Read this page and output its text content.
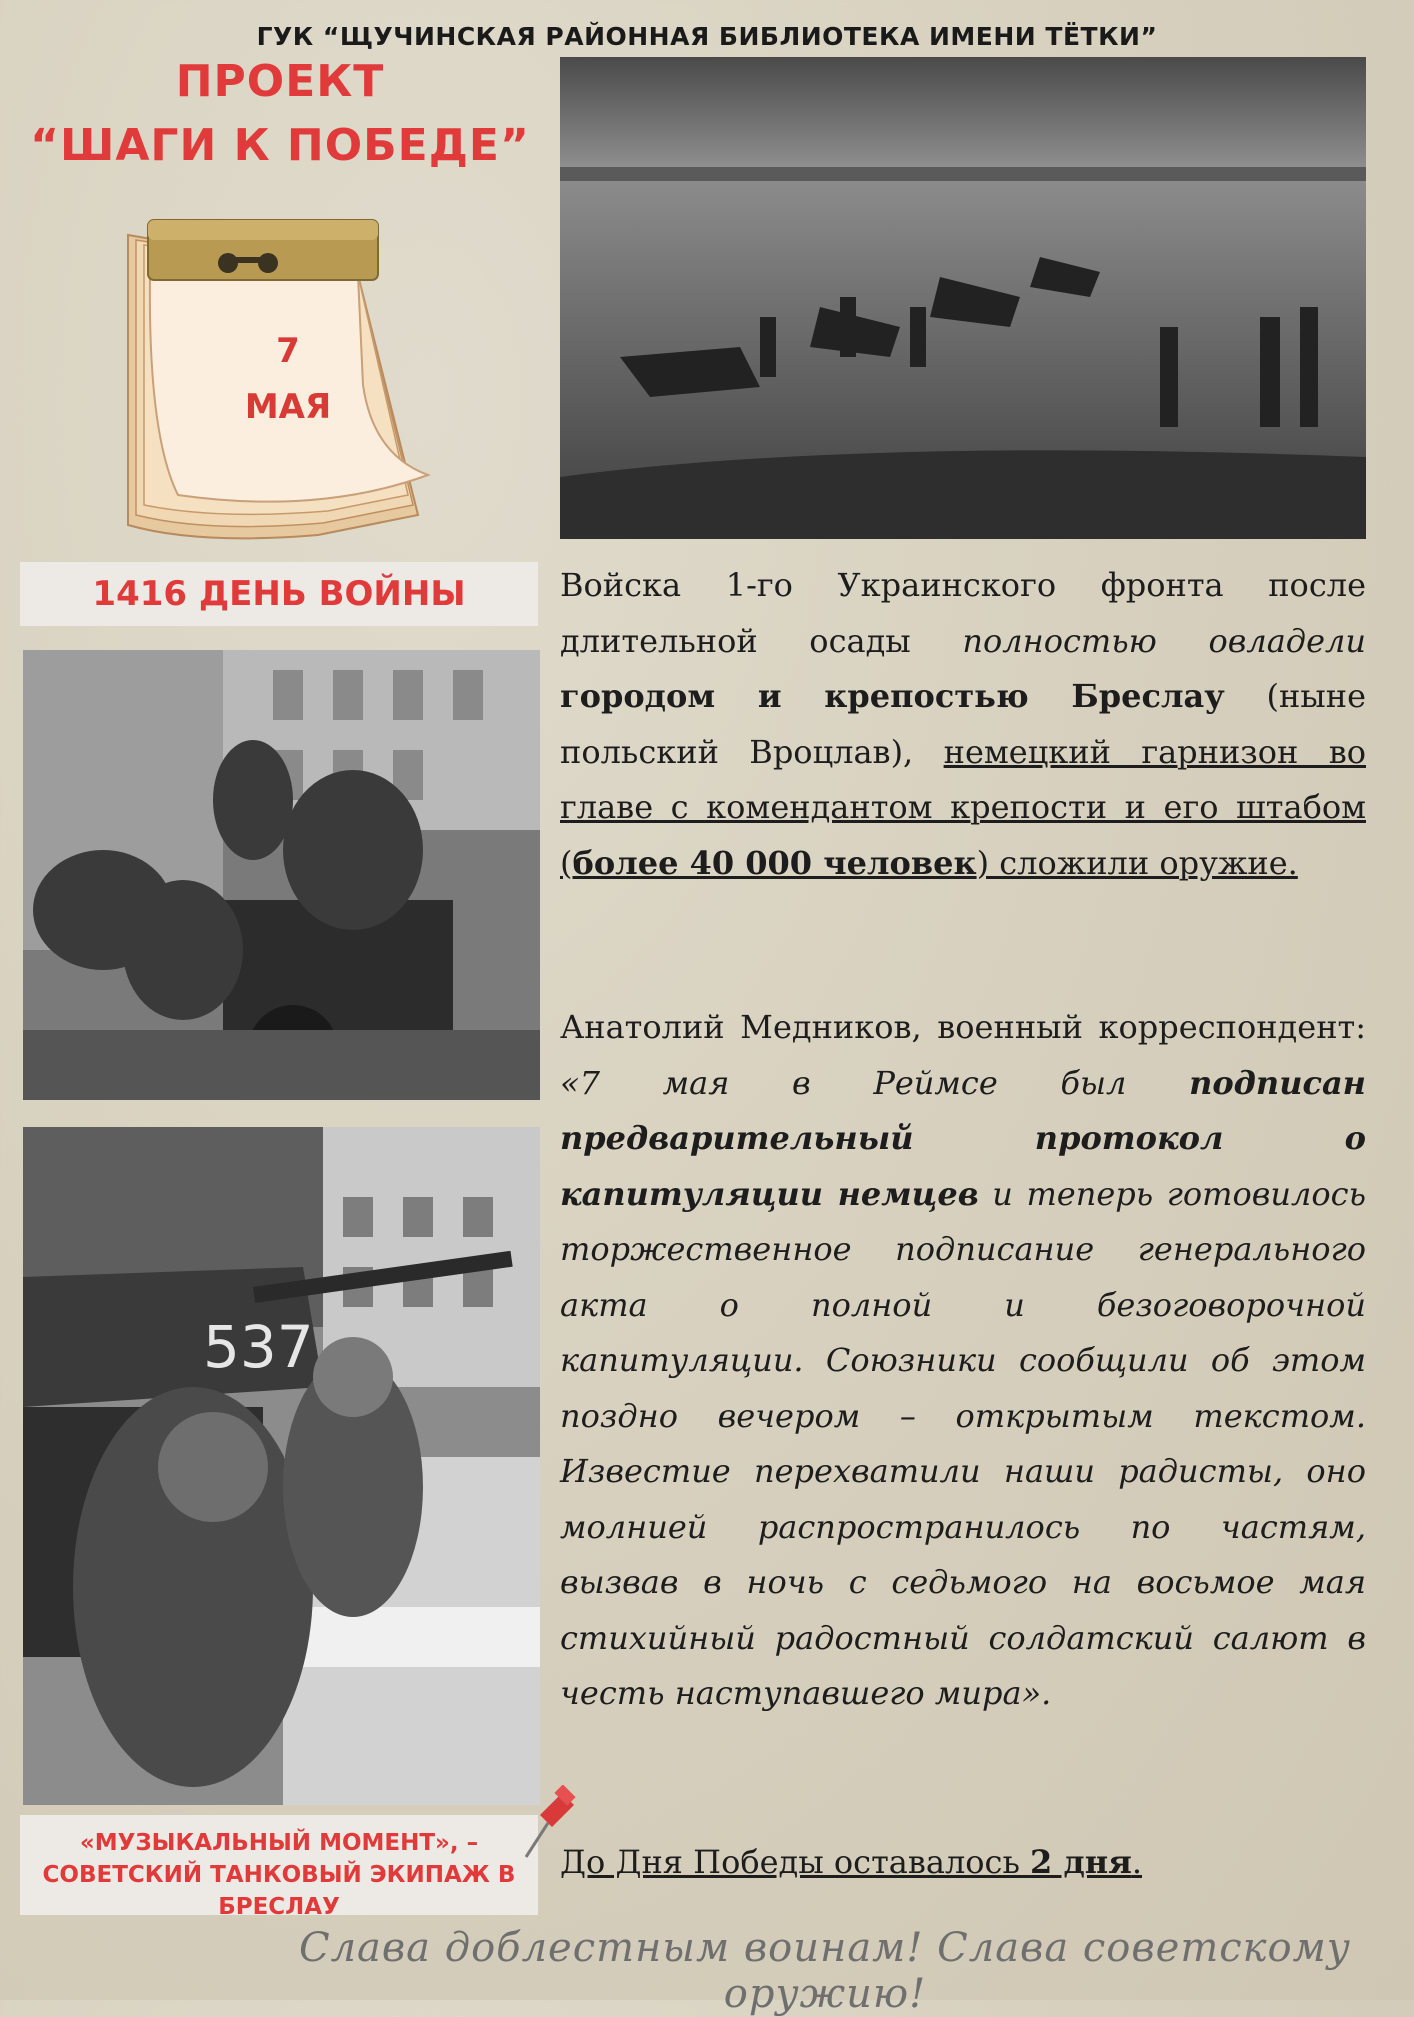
ГУК “ЩУЧИНСКАЯ РАЙОННАЯ БИБЛИОТЕКА ИМЕНИ ТЁТКИ”
ПРОЕКТ
“ШАГИ К ПОБЕДЕ”
7
МАЯ
1416 ДЕНЬ ВОЙНЫ
537
«МУЗЫКАЛЬНЫЙ МОМЕНТ», –
СОВЕТСКИЙ ТАНКОВЫЙ ЭКИПАЖ В
БРЕСЛАУ
Войска 1-го Украинского фронта после длительной осады полностью овладели городом и крепостью Бреслау (ныне польский Вроцлав), немецкий гарнизон во главе с комендантом крепости и его штабом (более 40 000 человек) сложили оружие.
Анатолий Медников, военный корреспондент: «7 мая в Реймсе был подписан предварительный протокол о капитуляции немцев и теперь готовилось торжественное подписание генерального акта о полной и безоговорочной капитуляции. Союзники сообщили об этом поздно вечером – открытым текстом. Известие перехватили наши радисты, оно молнией распространилось по частям, вызвав в ночь с седьмого на восьмое мая стихийный радостный солдатский салют в честь наступавшего мира».
До Дня Победы оставалось 2 дня.
Слава доблестным воинам! Слава советскому оружию!
